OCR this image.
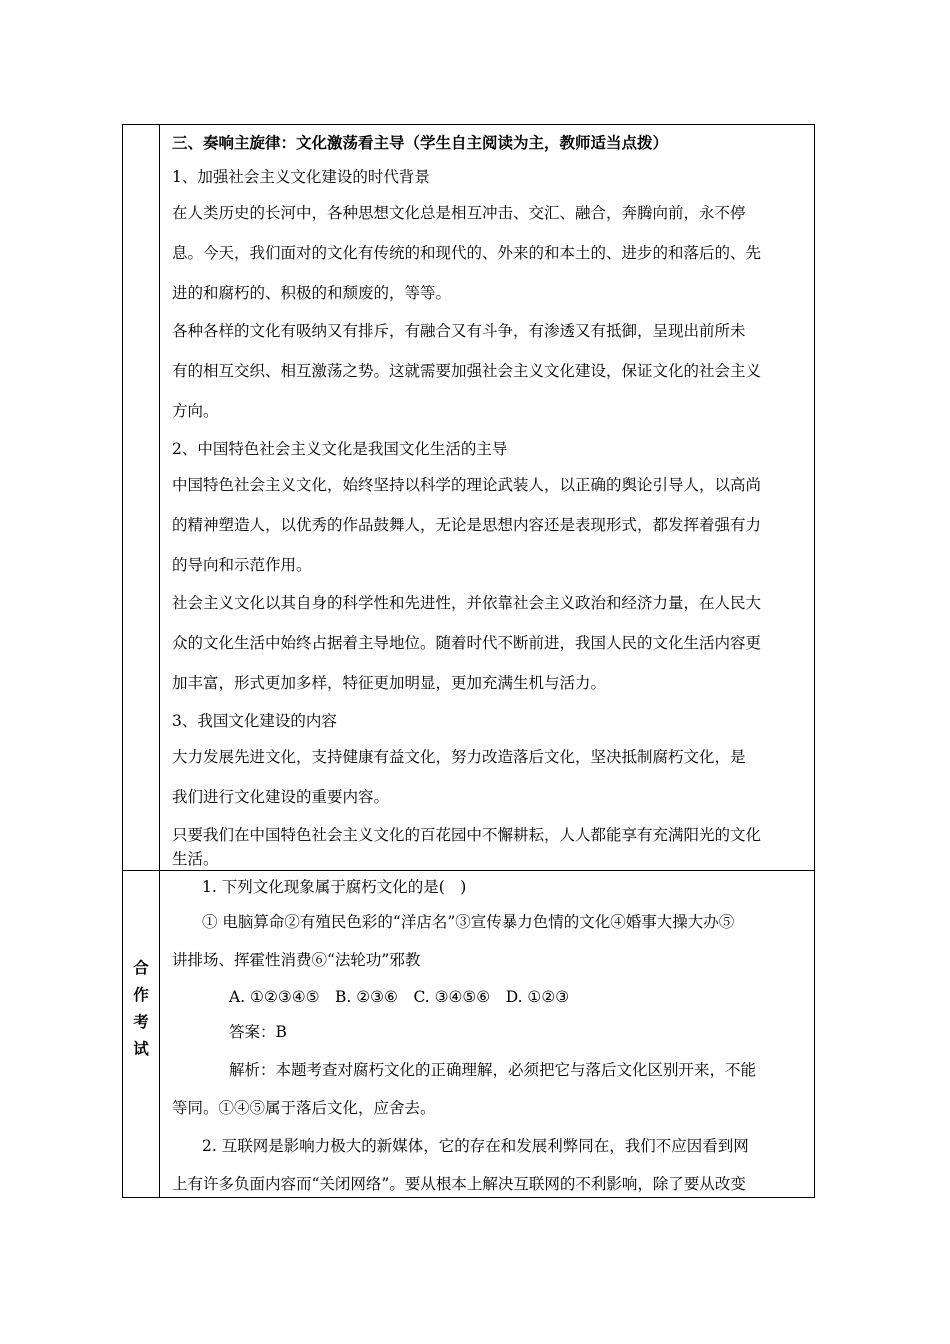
三、奏响主旋律：文化激荡看主导（学生自主阅读为主，教师适当点拨）

1、加强社会主义文化建设的时代背景

在人类历史的长河中，各种思想文化总是相互冲击、交汇、融合，奔腾向前，永不停

息。今天，我们面对的文化有传统的和现代的、外来的和本土的、进步的和落后的、先

进的和腐朽的、积极的和颓废的，等等。

各种各样的文化有吸纳又有排斥，有融合又有斗争，有渗透又有抵御，呈现出前所未

有的相互交织、相互激荡之势。这就需要加强社会主义文化建设，保证文化的社会主义

方向。

2、中国特色社会主义文化是我国文化生活的主导

中国特色社会主义文化，始终坚持以科学的理论武装人，以正确的舆论引导人，以高尚

的精神塑造人，以优秀的作品鼓舞人，无论是思想内容还是表现形式，都发挥着强有力

的导向和示范作用。

社会主义文化以其自身的科学性和先进性，并依靠社会主义政治和经济力量，在人民大

众的文化生活中始终占据着主导地位。随着时代不断前进，我国人民的文化生活内容更

加丰富，形式更加多样，特征更加明显，更加充满生机与活力。

3、我国文化建设的内容

大力发展先进文化，支持健康有益文化，努力改造落后文化，坚决抵制腐朽文化，是

我们进行文化建设的重要内容。

只要我们在中国特色社会主义文化的百花园中不懈耕耘，人人都能享有充满阳光的文化

生活。

合
作
考
试

1. 下列文化现象属于腐朽文化的是(　)

① 电脑算命②有殖民色彩的“洋店名”③宣传暴力色情的文化④婚事大操大办⑤

讲排场、挥霍性消费⑥“法轮功”邪教

A. ①②③④⑤　B. ②③⑥　C. ③④⑤⑥　D. ①②③

答案：B

解析：本题考查对腐朽文化的正确理解，必须把它与落后文化区别开来，不能

等同。①④⑤属于落后文化，应舍去。

2. 互联网是影响力极大的新媒体，它的存在和发展利弊同在，我们不应因看到网

上有许多负面内容而“关闭网络”。要从根本上解决互联网的不利影响，除了要从改变
